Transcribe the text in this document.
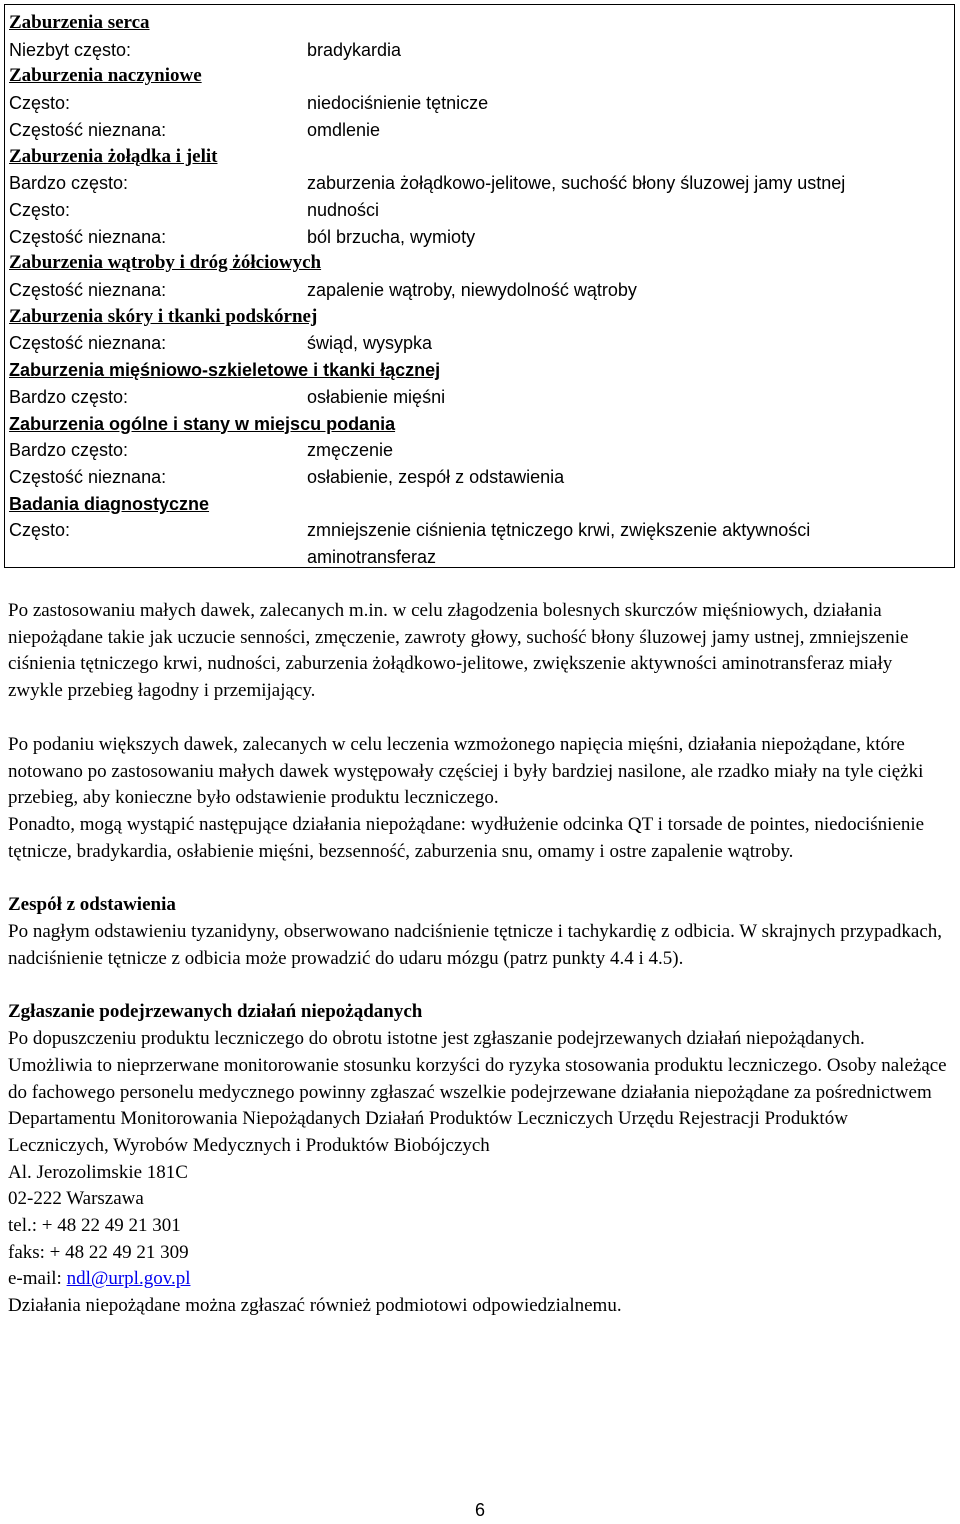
Zaburzenia serca

Niezbyt często:	bradykardia

Zaburzenia naczyniowe

Często:	niedociśnienie tętnicze
Częstość nieznana:	omdlenie

Zaburzenia żołądka i jelit

Bardzo często:	zaburzenia żołądkowo-jelitowe, suchość błony śluzowej jamy ustnej
Często:	nudności
Częstość nieznana:	ból brzucha, wymioty

Zaburzenia wątroby i dróg żółciowych

Częstość nieznana:	zapalenie wątroby, niewydolność wątroby

Zaburzenia skóry i tkanki podskórnej

Częstość nieznana:	świąd, wysypka

Zaburzenia mięśniowo-szkieletowe i tkanki łącznej

Bardzo często:	osłabienie mięśni

Zaburzenia ogólne i stany w miejscu podania

Bardzo często:	zmęczenie
Częstość nieznana:	osłabienie, zespół z odstawienia

Badania diagnostyczne

Często:	zmniejszenie ciśnienia tętniczego krwi, zwiększenie aktywności aminotransferaz

Po zastosowaniu małych dawek, zalecanych m.in. w celu złagodzenia bolesnych skurczów mięśniowych, działania niepożądane takie jak uczucie senności, zmęczenie, zawroty głowy, suchość błony śluzowej jamy ustnej, zmniejszenie ciśnienia tętniczego krwi, nudności, zaburzenia żołądkowo-jelitowe, zwiększenie aktywności aminotransferaz miały zwykle przebieg łagodny i przemijający.

Po podaniu większych dawek, zalecanych w celu leczenia wzmożonego napięcia mięśni, działania niepożądane, które notowano po zastosowaniu małych dawek występowały częściej i były bardziej nasilone, ale rzadko miały na tyle ciężki przebieg, aby konieczne było odstawienie produktu leczniczego.

Ponadto, mogą wystąpić następujące działania niepożądane: wydłużenie odcinka QT i torsade de pointes, niedociśnienie tętnicze, bradykardia, osłabienie mięśni, bezsenność, zaburzenia snu, omamy i ostre zapalenie wątroby.

Zespół z odstawienia

Po nagłym odstawieniu tyzanidyny, obserwowano nadciśnienie tętnicze i tachykardię z odbicia. W skrajnych przypadkach, nadciśnienie tętnicze z odbicia może prowadzić do udaru mózgu (patrz punkty 4.4 i 4.5).

Zgłaszanie podejrzewanych działań niepożądanych

Po dopuszczeniu produktu leczniczego do obrotu istotne jest zgłaszanie podejrzewanych działań niepożądanych. Umożliwia to nieprzerwane monitorowanie stosunku korzyści do ryzyka stosowania produktu leczniczego. Osoby należące do fachowego personelu medycznego powinny zgłaszać wszelkie podejrzewane działania niepożądane za pośrednictwem Departamentu Monitorowania Niepożądanych Działań Produktów Leczniczych Urzędu Rejestracji Produktów Leczniczych, Wyrobów Medycznych i Produktów Biobójczych

Al. Jerozolimskie 181C

02-222 Warszawa

tel.: + 48 22 49 21 301

faks: + 48 22 49 21 309

e-mail: ndl@urpl.gov.pl

Działania niepożądane można zgłaszać również podmiotowi odpowiedzialnemu.

6
